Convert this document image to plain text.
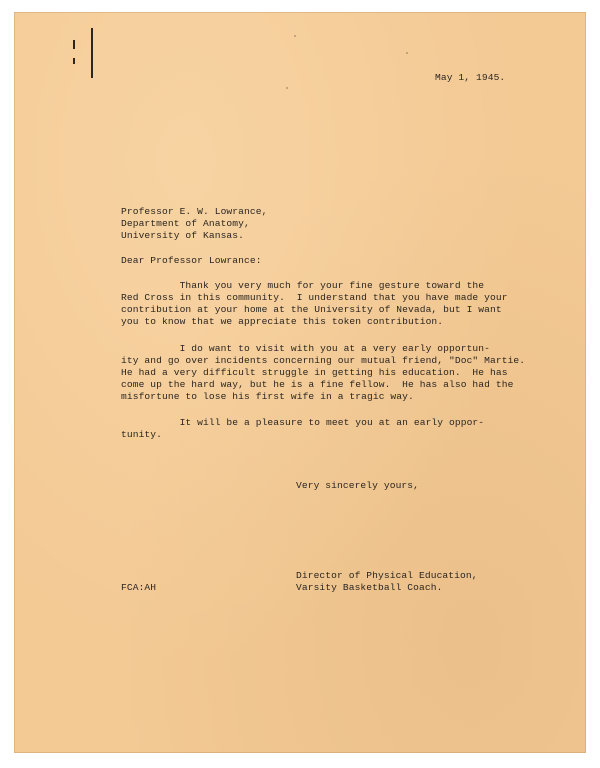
May 1, 1945.

Professor E. W. Lowrance,

Department of Anatomy,

University of Kansas.

Dear Professor Lowrance:

Thank you very much for your fine gesture toward the

Red Cross in this community.  I understand that you have made your

contribution at your home at the University of Nevada, but I want

you to know that we appreciate this token contribution.

I do want to visit with you at a very early opportun-

ity and go over incidents concerning our mutual friend, "Doc" Martie.

He had a very difficult struggle in getting his education.  He has

come up the hard way, but he is a fine fellow.  He has also had the

misfortune to lose his first wife in a tragic way.

It will be a pleasure to meet you at an early oppor-

tunity.

Very sincerely yours,

Director of Physical Education,

Varsity Basketball Coach.

FCA:AH
